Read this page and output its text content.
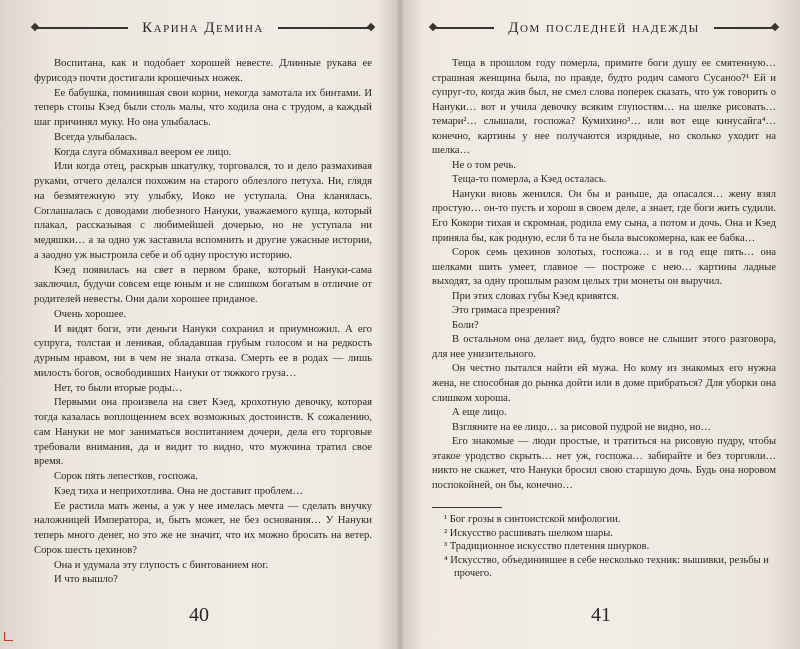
Карина Демина

Воспитана, как и подобает хорошей невесте. Длинные рукава ее фурисодэ почти достигали крошечных ножек.

Ее бабушка, помнившая свои корни, некогда замотала их бинтами. И теперь стопы Кэед были столь малы, что ходила она с трудом, а каждый шаг причинял муку. Но она улыбалась.

Всегда улыбалась.

Когда слуга обмахивал веером ее лицо.

Или когда отец, раскрыв шкатулку, торговался, то и дело размахивая руками, отчего делался похожим на старого облезлого петуха. Ни, глядя на безмятежную эту улыбку, Иоко не уступала. Она кланялась. Соглашалась с доводами любезного Нануки, уважаемого купца, который плакал, рассказывая с любимейшей дочерью, но не уступала ни медяшки… а за одно уж заставила вспомнить и другие ужасные истории, а заодно уж выстроила себе и об одну простую историю.

Кэед появилась на свет в первом браке, который Нануки-сама заключил, будучи совсем еще юным и не слишком богатым в отличие от родителей невесты. Они дали хорошее приданое.

Очень хорошее.

И видят боги, эти деньги Нануки сохранил и приумножил. А его супруга, толстая и ленивая, обладавшая грубым голосом и на редкость дурным нравом, ни в чем не знала отказа. Смерть ее в родах — лишь милость богов, освободивших Нануки от тяжкого груза…

Нет, то были вторые роды…

Первыми она произвела на свет Кэед, крохотную девочку, которая тогда казалась воплощением всех возможных достоинств. К сожалению, сам Нануки не мог заниматься воспитанием дочери, дела его торговые требовали внимания, да и видит то видно, что мужчина тратил свое время.

Сорок пять лепестков, госпожа.

Кэед тиха и неприхотлива. Она не доставит проблем…

Ее растила мать жены, а уж у нее имелась мечта — сделать внучку наложницей Императора, и, быть может, не без основания… У Нануки теперь много денег, но это же не значит, что их можно бросать на ветер. Сорок шесть цехинов?

Она и удумала эту глупость с бинтованием ног.

И что вышло?

40
Дом последней надежды

Теща в прошлом году померла, примите боги душу ее смятенную… страшная женщина была, по правде, будто родич самого Сусаноо?¹ Ей и супруг-то, когда жив был, не смел слова поперек сказать, что уж говорить о Нануки… вот и учила девочку всяким глупостям… на шелке рисовать… темари²… слышали, госпожа? Кумихино³… или вот еще кинусайга⁴… конечно, картины у нее получаются изрядные, но сколько уходит на шелка…

Не о том речь.

Теща-то померла, а Кэед осталась.

Нануки вновь женился. Он бы и раньше, да опасался… жену взял простую… он-то пусть и хорош в своем деле, а знает, где боги жить судили. Его Кокори тихая и скромная, родила ему сына, а потом и дочь. Она и Кэед приняла бы, как родную, если б та не была высокомерна, как ее бабка…

Сорок семь цехинов золотых, госпожа… и в год еще пять… она шелками шить умеет, главное — построже с нею… картины ладные выходят, за одну прошлым разом целых три монеты он выручил.

При этих словах губы Кэед кривятся.

Это гримаса презрения?

Боли?

В остальном она делает вид, будто вовсе не слышит этого разговора, для нее унизительного.

Он честно пытался найти ей мужа. Но кому из знакомых его нужна жена, не способная до рынка дойти или в доме прибраться? Для уборки она слишком хороша.

А еще лицо.

Взгляните на ее лицо… за рисовой пудрой не видно, но…

Его знакомые — люди простые, и тратиться на рисовую пудру, чтобы этакое уродство скрыть… нет уж, госпожа… забирайте и без торговли… никто не скажет, что Нануки бросил свою старшую дочь. Будь она норовом поспокойней, он бы, конечно…

¹ Бог грозы в синтоистской мифологии.

² Искусство расшивать шелком шары.

³ Традиционное искусство плетения шнурков.

⁴ Искусство, объединившее в себе несколько техник: вышивки, резьбы и прочего.

41
